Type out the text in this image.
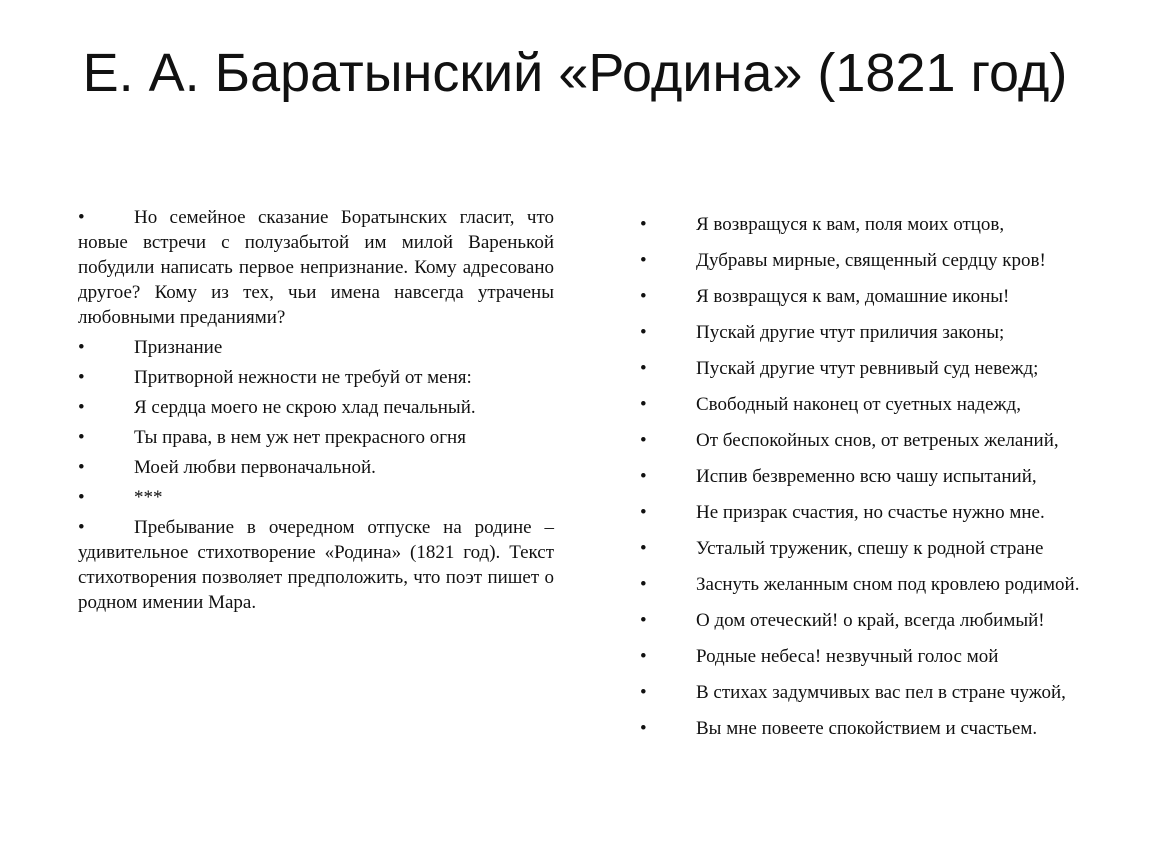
Е. А. Баратынский «Родина» (1821 год)
•	Но семейное сказание Боратынских гласит, что новые встречи с полузабытой им милой Варенькой побудили написать первое непризнание. Кому адресовано другое? Кому из тех, чьи имена навсегда утрачены любовными преданиями?
•	Признание
•	Притворной нежности не требуй от меня:
•	Я сердца моего не скрою хлад печальный.
•	Ты права, в нем уж нет прекрасного огня
•	Моей любви первоначальной.
•	***
•	Пребывание в очередном отпуске на родине – удивительное стихотворение «Родина» (1821 год). Текст стихотворения позволяет предположить, что поэт пишет о родном имении Мара.
•	Я возвращуся к вам, поля моих отцов,
•	Дубравы мирные, священный сердцу кров!
•	Я возвращуся к вам, домашние иконы!
•	Пускай другие чтут приличия законы;
•	Пускай другие чтут ревнивый суд невежд;
•	Свободный наконец от суетных надежд,
•	От беспокойных снов, от ветреных желаний,
•	Испив безвременно всю чашу испытаний,
•	Не призрак счастия, но счастье нужно мне.
•	Усталый труженик, спешу к родной стране
•	Заснуть желанным сном под кровлею родимой.
•	О дом отеческий! о край, всегда любимый!
•	Родные небеса! незвучный голос мой
•	В стихах задумчивых вас пел в стране чужой,
•	Вы мне повеете спокойствием и счастьем.
